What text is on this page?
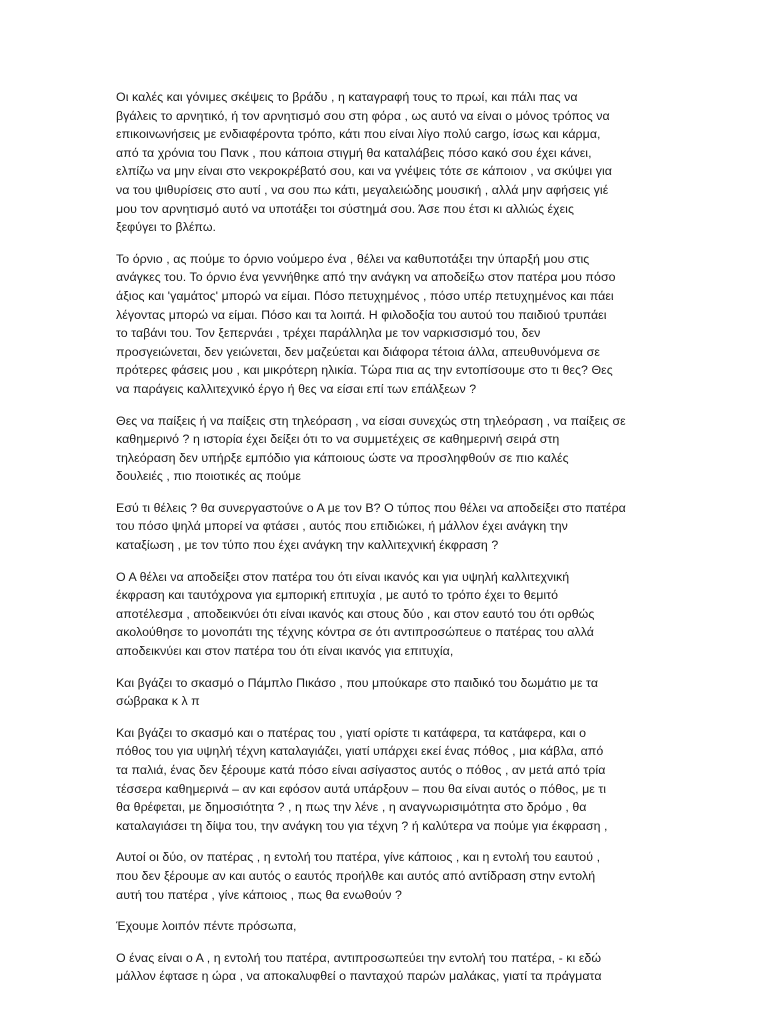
Οι καλές και γόνιμες σκέψεις το βράδυ , η καταγραφή τους το πρωί, και πάλι πας να
βγάλεις το αρνητικό, ή τον αρνητισμό σου στη φόρα , ως αυτό να είναι ο μόνος τρόπος να
επικοινωνήσεις με ενδιαφέροντα τρόπο, κάτι που είναι λίγο πολύ cargo, ίσως και κάρμα,
από τα χρόνια του Πανκ , που κάποια στιγμή θα καταλάβεις πόσο κακό σου έχει κάνει,
ελπίζω να μην είναι στο νεκροκρέβατό σου, και να γνέψεις τότε σε κάποιον , να σκύψει για
να του ψιθυρίσεις στο αυτί , να σου πω κάτι, μεγαλειώδης μουσική , αλλά μην αφήσεις γιέ
μου τον αρνητισμό αυτό να υποτάξει τοι σύστημά σου. Άσε που έτσι κι αλλιώς έχεις
ξεφύγει το βλέπω.

Το όρνιο , ας πούμε το όρνιο νούμερο ένα , θέλει να καθυποτάξει την ύπαρξή μου στις
ανάγκες του. Το όρνιο ένα γεννήθηκε από την ανάγκη να αποδείξω στον πατέρα μου πόσο
άξιος και 'γαμάτος' μπορώ να είμαι. Πόσο πετυχημένος , πόσο υπέρ πετυχημένος και πάει
λέγοντας μπορώ να είμαι. Πόσο και τα λοιπά. Η φιλοδοξία του αυτού του παιδιού τρυπάει
το ταβάνι του. Τον ξεπερνάει , τρέχει παράλληλα με τον ναρκισσισμό του, δεν
προσγειώνεται, δεν γειώνεται, δεν μαζεύεται και διάφορα τέτοια άλλα, απευθυνόμενα σε
πρότερες φάσεις μου , και μικρότερη ηλικία. Τώρα πια ας την εντοπίσουμε στο τι θες? Θες
να παράγεις καλλιτεχνικό έργο ή θες να είσαι επί των επάλξεων ?

Θες να παίξεις ή να παίξεις στη τηλεόραση , να είσαι συνεχώς στη τηλεόραση , να παίξεις σε
καθημερινό ? η ιστορία έχει δείξει ότι το να συμμετέχεις σε καθημερινή σειρά στη
τηλεόραση δεν υπήρξε εμπόδιο για κάποιους ώστε να προσληφθούν σε πιο καλές
δουλειές , πιο ποιοτικές ας πούμε

Εσύ τι θέλεις ? θα συνεργαστούνε ο Α με τον Β? Ο τύπος που θέλει να αποδείξει στο πατέρα
του πόσο ψηλά μπορεί να φτάσει , αυτός που επιδιώκει, ή μάλλον έχει ανάγκη την
καταξίωση , με τον τύπο που έχει ανάγκη την καλλιτεχνική έκφραση ?

Ο Α θέλει να αποδείξει στον πατέρα του ότι είναι ικανός και για υψηλή καλλιτεχνική
έκφραση και ταυτόχρονα για εμπορική επιτυχία , με αυτό το τρόπο έχει το θεμιτό
αποτέλεσμα , αποδεικνύει ότι είναι ικανός και στους δύο , και στον εαυτό του ότι ορθώς
ακολούθησε το μονοπάτι της τέχνης κόντρα σε ότι αντιπροσώπευε ο πατέρας του αλλά
αποδεικνύει και στον πατέρα του ότι είναι ικανός για επιτυχία,

Και βγάζει το σκασμό ο Πάμπλο Πικάσο , που μπούκαρε στο παιδικό του δωμάτιο με τα
σώβρακα κ λ π

Και βγάζει το σκασμό και ο πατέρας του , γιατί ορίστε τι κατάφερα, τα κατάφερα, και ο
πόθος του για υψηλή τέχνη καταλαγιάζει, γιατί υπάρχει εκεί ένας πόθος , μια κάβλα, από
τα παλιά, ένας δεν ξέρουμε κατά πόσο είναι ασίγαστος αυτός ο πόθος , αν μετά από τρία
τέσσερα καθημερινά – αν και εφόσον αυτά υπάρξουν – που θα είναι αυτός ο πόθος, με τι
θα θρέφεται, με δημοσιότητα ? , η πως την λένε , η αναγνωρισιμότητα στο δρόμο , θα
καταλαγιάσει τη δίψα του, την ανάγκη του για τέχνη ? ή καλύτερα να πούμε για έκφραση ,

Αυτοί οι δύο, ον πατέρας , η εντολή του πατέρα, γίνε κάποιος , και η εντολή του εαυτού ,
που δεν ξέρουμε αν και αυτός ο εαυτός προήλθε και αυτός από αντίδραση στην εντολή
αυτή του πατέρα , γίνε κάποιος , πως θα ενωθούν ?

Έχουμε λοιπόν πέντε πρόσωπα,

Ο ένας είναι ο Α , η εντολή του πατέρα, αντιπροσωπεύει την εντολή του πατέρα, - κι εδώ
μάλλον έφτασε η ώρα , να αποκαλυφθεί ο πανταχού παρών μαλάκας, γιατί τα πράγματα
